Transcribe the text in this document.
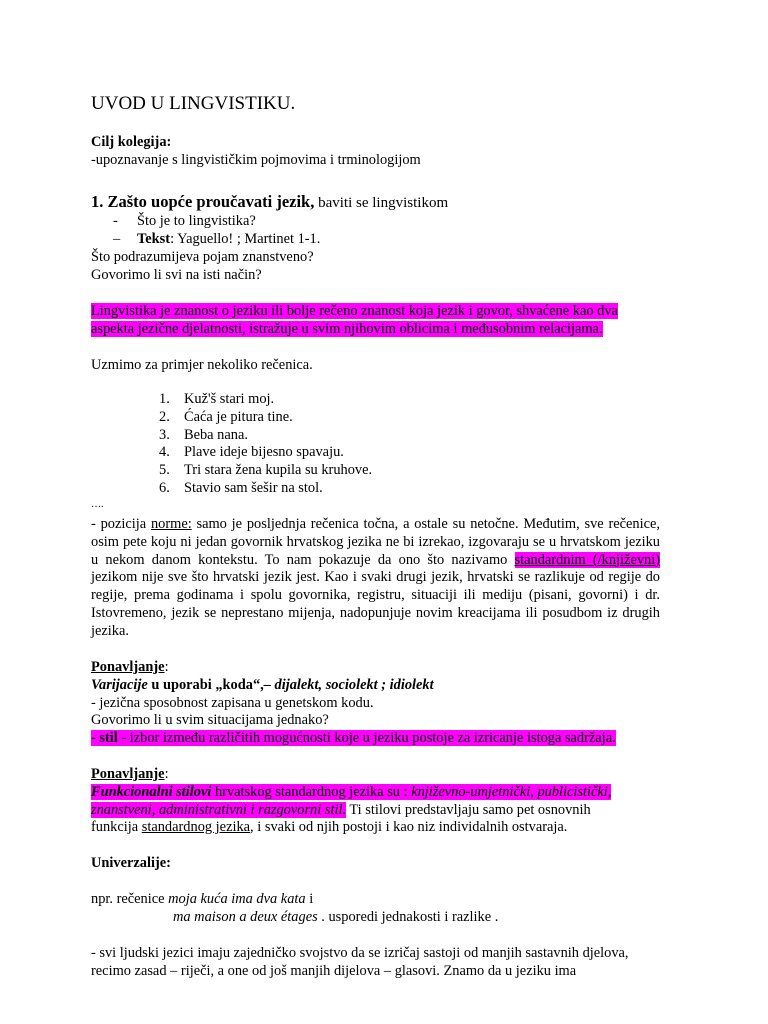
UVOD U LINGVISTIKU.
Cilj kolegija:
-upoznavanje s lingvističkim pojmovima i trminologijom
1. Zašto uopće proučavati jezik, baviti se lingvistikom
- Što je to lingvistika?
– Tekst: Yaguello! ; Martinet 1-1.
Što podrazumijeva pojam znanstveno?
Govorimo li svi na isti način?
Lingvistika je znanost o jeziku ili bolje rečeno znanost koja jezik i govor, shvaćene kao dva
aspekta jezične djelatnosti, istražuje u svim njihovim oblicima i međusobnim relacijama.
Uzmimo za primjer nekoliko rečenica.
1. Kuž'š stari moj.
2. Ćaća je pitura tine.
3. Beba nana.
4. Plave ideje bijesno spavaju.
5. Tri stara žena kupila su kruhove.
6. Stavio sam šešir na stol.
….
- pozicija norme: samo je posljednja rečenica točna, a ostale su netočne. Međutim, sve rečenice, osim pete koju ni jedan govornik hrvatskog jezika ne bi izrekao, izgovaraju se u hrvatskom jeziku u nekom danom kontekstu. To nam pokazuje da ono što nazivamo standardnim (/književni) jezikom nije sve što hrvatski jezik jest. Kao i svaki drugi jezik, hrvatski se razlikuje od regije do regije, prema godinama i spolu govornika, registru, situaciji ili mediju (pisani, govorni) i dr. Istovremeno, jezik se neprestano mijenja, nadopunjuje novim kreacijama ili posudbom iz drugih jezika.
Ponavljanje:
Varijacije u uporabi „koda“,– dijalekt, sociolekt ; idiolekt
- jezična sposobnost zapisana u genetskom kodu.
Govorimo li u svim situacijama jednako?
- stil - izbor između različitih mogućnosti koje u jeziku postoje za izricanje istoga sadržaja.
Ponavljanje:
Funkcionalni stilovi hrvatskog standardnog jezika su : književno-umjetnički, publicistički,
znanstveni, administrativni i razgovorni stil. Ti stilovi predstavljaju samo pet osnovnih
funkcija standardnog jezika, i svaki od njih postoji i kao niz individalnih ostvaraja.
Univerzalije:
npr. rečenice moja kuća ima dva kata i
ma maison a deux étages . usporedi jednakosti i razlike .
- svi ljudski jezici imaju zajedničko svojstvo da se izričaj sastoji od manjih sastavnih djelova,
recimo zasad – riječi, a one od još manjih dijelova – glasovi. Znamo da u jeziku ima
